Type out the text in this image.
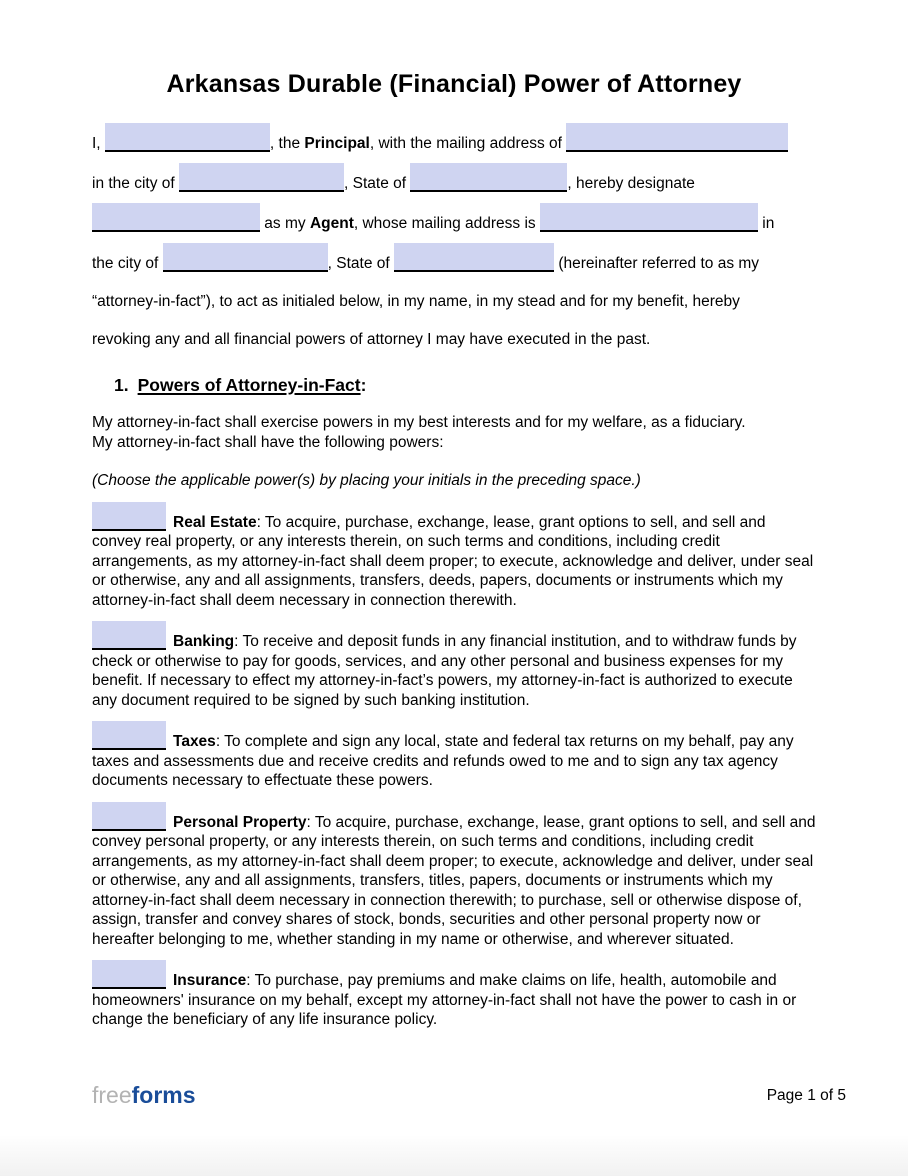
Arkansas Durable (Financial) Power of Attorney
I,	, the Principal, with the mailing address of
in the city of	, State of	, hereby designate
as my Agent, whose mailing address is	in
the city of	, State of	(hereinafter referred to as my
“attorney-in-fact”), to act as initialed below, in my name, in my stead and for my benefit, hereby
revoking any and all financial powers of attorney I may have executed in the past.
1. Powers of Attorney-in-Fact:
My attorney-in-fact shall exercise powers in my best interests and for my welfare, as a fiduciary.
My attorney-in-fact shall have the following powers:
(Choose the applicable power(s) by placing your initials in the preceding space.)

Real Estate: To acquire, purchase, exchange, lease, grant options to sell, and sell and convey real property, or any interests therein, on such terms and conditions, including credit arrangements, as my attorney-in-fact shall deem proper; to execute, acknowledge and deliver, under seal or otherwise, any and all assignments, transfers, deeds, papers, documents or instruments which my attorney-in-fact shall deem necessary in connection therewith.

Banking: To receive and deposit funds in any financial institution, and to withdraw funds by check or otherwise to pay for goods, services, and any other personal and business expenses for my benefit. If necessary to effect my attorney-in-fact’s powers, my attorney-in-fact is authorized to execute any document required to be signed by such banking institution.

Taxes: To complete and sign any local, state and federal tax returns on my behalf, pay any taxes and assessments due and receive credits and refunds owed to me and to sign any tax agency documents necessary to effectuate these powers.

Personal Property: To acquire, purchase, exchange, lease, grant options to sell, and sell and convey personal property, or any interests therein, on such terms and conditions, including credit arrangements, as my attorney-in-fact shall deem proper; to execute, acknowledge and deliver, under seal or otherwise, any and all assignments, transfers, titles, papers, documents or instruments which my attorney-in-fact shall deem necessary in connection therewith; to purchase, sell or otherwise dispose of, assign, transfer and convey shares of stock, bonds, securities and other personal property now or hereafter belonging to me, whether standing in my name or otherwise, and wherever situated.

Insurance: To purchase, pay premiums and make claims on life, health, automobile and homeowners' insurance on my behalf, except my attorney-in-fact shall not have the power to cash in or change the beneficiary of any life insurance policy.

freeforms	Page 1 of 5
